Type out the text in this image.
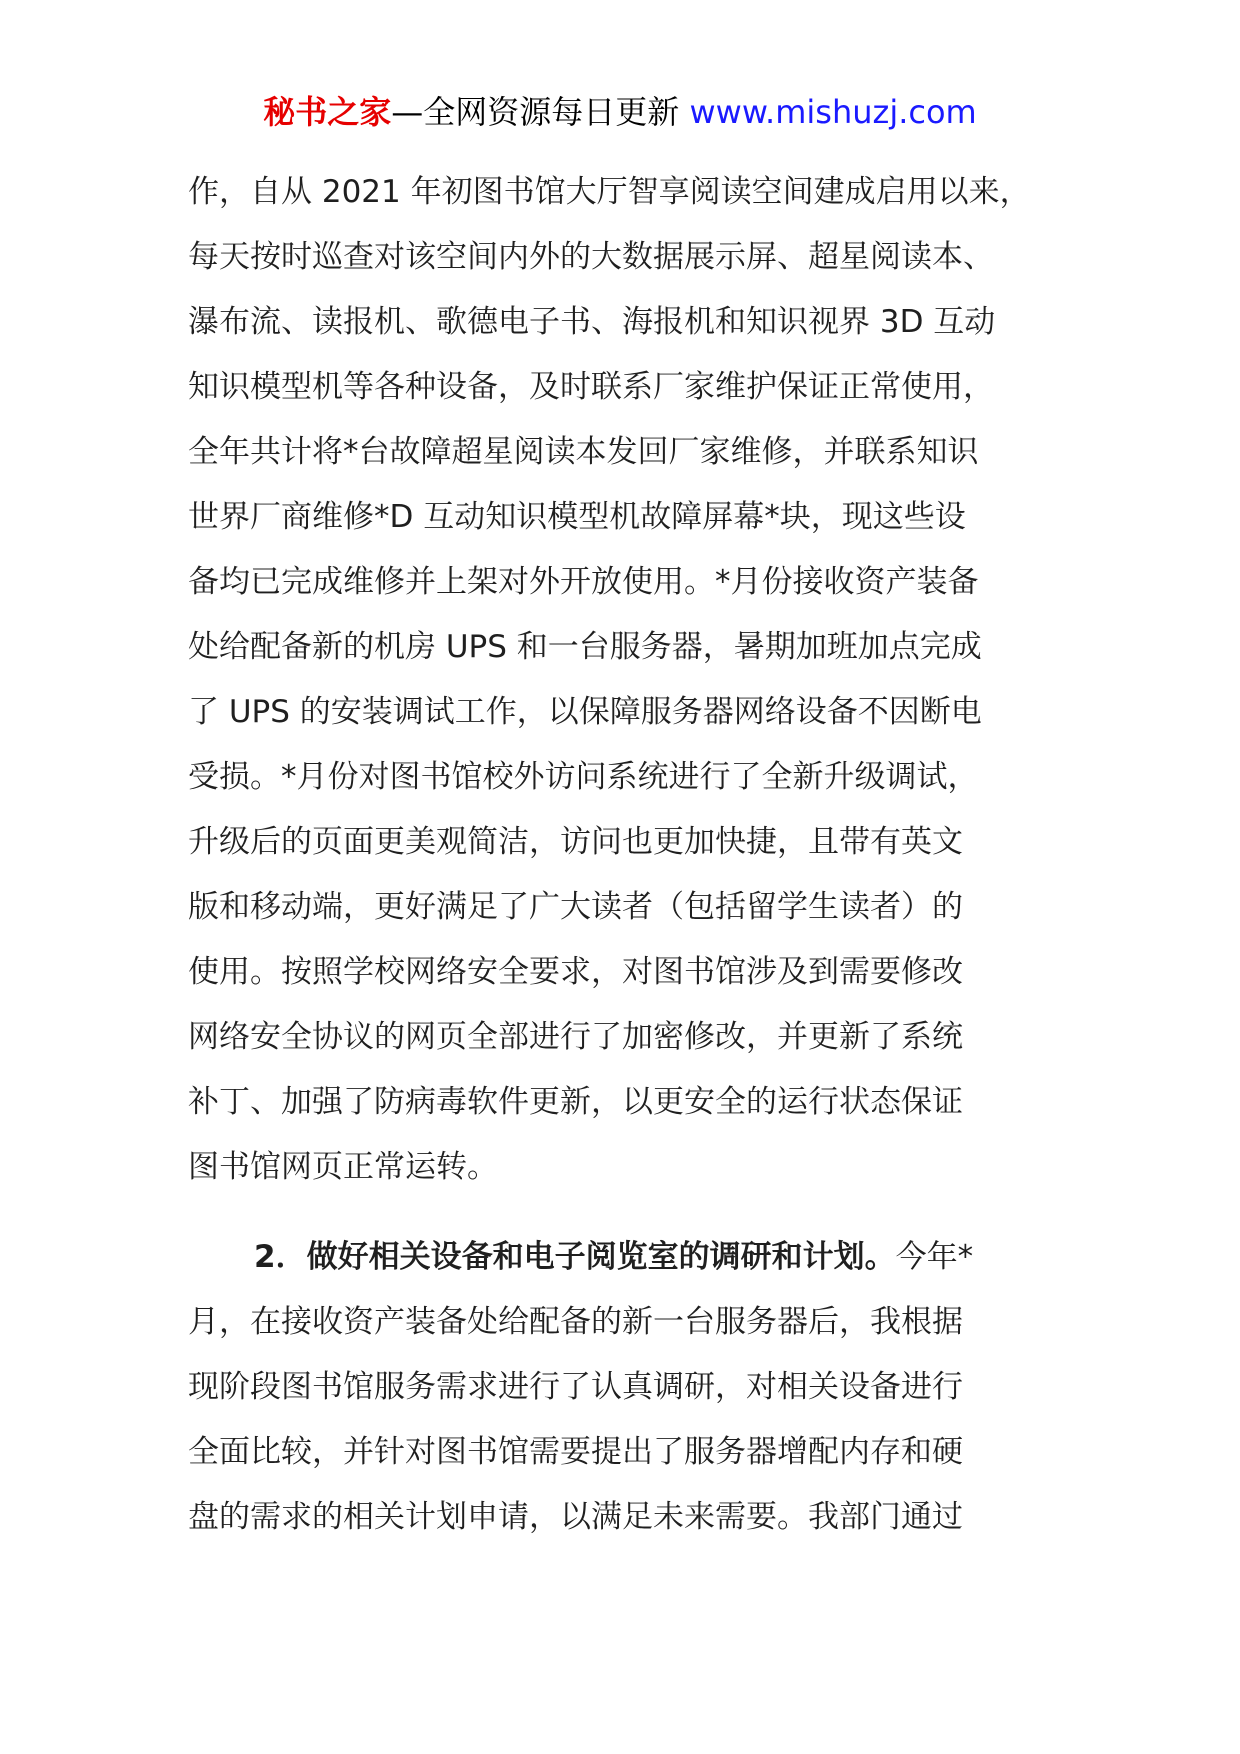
秘书之家—全网资源每日更新 www.mishuzj.com
作，自从 2021 年初图书馆大厅智享阅读空间建成启用以来，
每天按时巡查对该空间内外的大数据展示屏、超星阅读本、
瀑布流、读报机、歌德电子书、海报机和知识视界 3D 互动
知识模型机等各种设备，及时联系厂家维护保证正常使用，
全年共计将*台故障超星阅读本发回厂家维修，并联系知识
世界厂商维修*D 互动知识模型机故障屏幕*块，现这些设
备均已完成维修并上架对外开放使用。*月份接收资产装备
处给配备新的机房 UPS 和一台服务器，暑期加班加点完成
了 UPS 的安装调试工作，以保障服务器网络设备不因断电
受损。*月份对图书馆校外访问系统进行了全新升级调试，
升级后的页面更美观简洁，访问也更加快捷，且带有英文
版和移动端，更好满足了广大读者（包括留学生读者）的
使用。按照学校网络安全要求，对图书馆涉及到需要修改
网络安全协议的网页全部进行了加密修改，并更新了系统
补丁、加强了防病毒软件更新，以更安全的运行状态保证
图书馆网页正常运转。
2．做好相关设备和电子阅览室的调研和计划。今年*
月，在接收资产装备处给配备的新一台服务器后，我根据
现阶段图书馆服务需求进行了认真调研，对相关设备进行
全面比较，并针对图书馆需要提出了服务器增配内存和硬
盘的需求的相关计划申请，以满足未来需要。我部门通过
